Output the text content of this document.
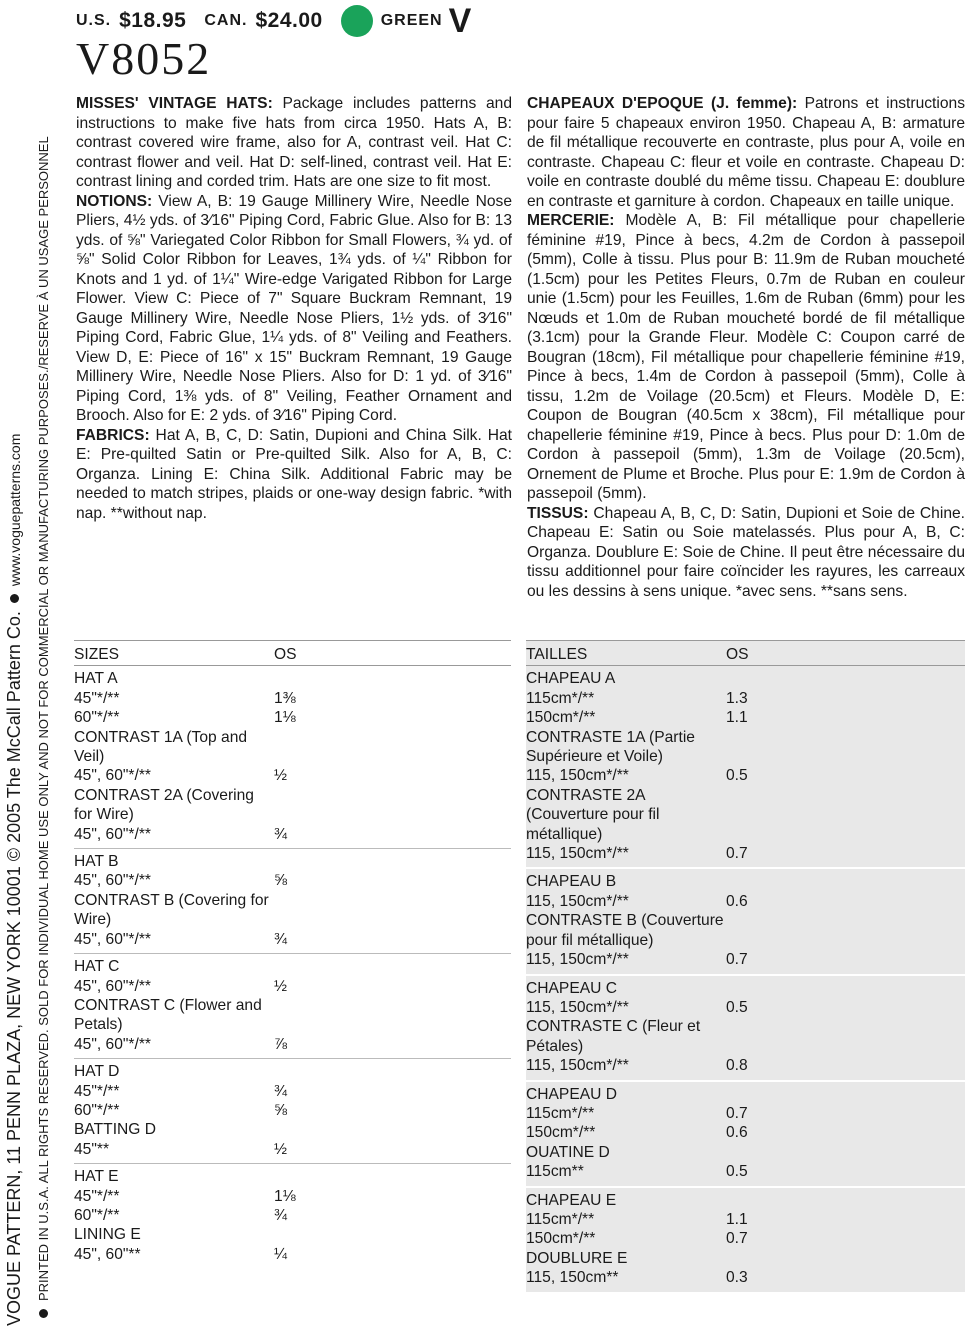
U.S. $18.95 CAN. $24.00	GREEN V
V8052
VOGUE PATTERN, 11 PENN PLAZA, NEW YORK 10001 © 2005 The McCall Pattern Co.
www.voguepatterns.com PRINTED IN U.S.A. ALL RIGHTS RESERVED. SOLD FOR INDIVIDUAL HOME USE ONLY AND NOT FOR COMMERCIAL OR MANUFACTURING PURPOSES./RESERVE À UN USAGE PERSONNEL

MISSES' VINTAGE HATS: Package includes patterns and instructions to make five hats from circa 1950. Hats A, B: contrast covered wire frame, also for A, contrast veil. Hat C: contrast flower and veil. Hat D: self-lined, contrast veil. Hat E: contrast lining and corded trim. Hats are one size to fit most.

NOTIONS: View A, B: 19 Gauge Millinery Wire, Needle Nose Pliers, 4½ yds. of 3⁄16" Piping Cord, Fabric Glue. Also for B: 13 yds. of ⅝" Variegated Color Ribbon for Small Flowers, ¾ yd. of ⅝" Solid Color Ribbon for Leaves, 1¾ yds. of ¼" Ribbon for Knots and 1 yd. of 1¼" Wire-edge Varigated Ribbon for Large Flower. View C: Piece of 7" Square Buckram Remnant, 19 Gauge Millinery Wire, Needle Nose Pliers, 1½ yds. of 3⁄16" Piping Cord, Fabric Glue, 1¼ yds. of 8" Veiling and Feathers. View D, E: Piece of 16" x 15" Buckram Remnant, 19 Gauge Millinery Wire, Needle Nose Pliers. Also for D: 1 yd. of 3⁄16" Piping Cord, 1⅜ yds. of 8" Veiling, Feather Ornament and Brooch. Also for E: 2 yds. of 3⁄16" Piping Cord.

FABRICS: Hat A, B, C, D: Satin, Dupioni and China Silk. Hat E: Pre-quilted Satin or Pre-quilted Silk. Also for A, B, C: Organza. Lining E: China Silk. Additional Fabric may be needed to match stripes, plaids or one-way design fabric. *with nap. **without nap.

CHAPEAUX D'EPOQUE (J. femme): Patrons et instructions pour faire 5 chapeaux environ 1950. Chapeau A, B: armature de fil métallique recouverte en contraste, plus pour A, voile en contraste. Chapeau C: fleur et voile en contraste. Chapeau D: voile en contraste doublé du même tissu. Chapeau E: doublure en contraste et garniture à cordon. Chapeaux en taille unique.

MERCERIE: Modèle A, B: Fil métallique pour chapellerie féminine #19, Pince à becs, 4.2m de Cordon à passepoil (5mm), Colle à tissu. Plus pour B: 11.9m de Ruban moucheté (1.5cm) pour les Petites Fleurs, 0.7m de Ruban en couleur unie (1.5cm) pour les Feuilles, 1.6m de Ruban (6mm) pour les Nœuds et 1.0m de Ruban moucheté bordé de fil métallique (3.1cm) pour la Grande Fleur. Modèle C: Coupon carré de Bougran (18cm), Fil métallique pour chapellerie féminine #19, Pince à becs, 1.4m de Cordon à passepoil (5mm), Colle à tissu, 1.2m de Voilage (20.5cm) et Fleurs. Modèle D, E: Coupon de Bougran (40.5cm x 38cm), Fil métallique pour chapellerie féminine #19, Pince à becs. Plus pour D: 1.0m de Cordon à passepoil (5mm), 1.3m de Voilage (20.5cm), Ornement de Plume et Broche. Plus pour E: 1.9m de Cordon à passepoil (5mm).

TISSUS: Chapeau A, B, C, D: Satin, Dupioni et Soie de Chine. Chapeau E: Satin ou Soie matelassés. Plus pour A, B, C: Organza. Doublure E: Soie de Chine. Il peut être nécessaire du tissu additionnel pour faire coïncider les rayures, les carreaux ou les dessins à sens unique. *avec sens. **sans sens.

SIZES	OS
HAT A
45"*/**	1⅜
60"*/**	1⅛
CONTRAST 1A (Top and Veil)
45", 60"*/**	½
CONTRAST 2A (Covering for Wire)
45", 60"*/**	¾
HAT B
45", 60"*/**	⅝
CONTRAST B (Covering for Wire)
45", 60"*/**	¾
HAT C
45", 60"*/**	½
CONTRAST C (Flower and Petals)
45", 60"*/**	⅞
HAT D
45"*/**	¾
60"*/**	⅝
BATTING D
45"**	½
HAT E
45"*/**	1⅛
60"*/**	¾
LINING E
45", 60"**	¼
TAILLES	OS
CHAPEAU A
115cm*/**	1.3
150cm*/**	1.1
CONTRASTE 1A (Partie Supérieure et Voile)
115, 150cm*/**	0.5
CONTRASTE 2A (Couverture pour fil métallique)
115, 150cm*/**	0.7
CHAPEAU B
115, 150cm*/**	0.6
CONTRASTE B (Couverture pour fil métallique)
115, 150cm*/**	0.7
CHAPEAU C
115, 150cm*/**	0.5
CONTRASTE C (Fleur et Pétales)
115, 150cm*/**	0.8
CHAPEAU D
115cm*/**	0.7
150cm*/**	0.6
OUATINE D
115cm**	0.5
CHAPEAU E
115cm*/**	1.1
150cm*/**	0.7
DOUBLURE E
115, 150cm**	0.3
